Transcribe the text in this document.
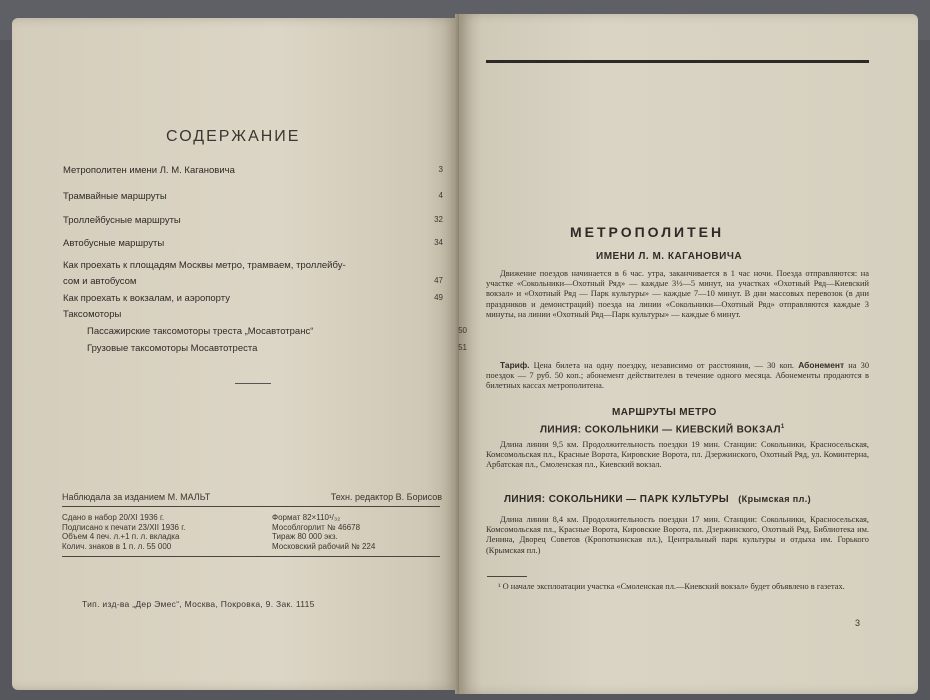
СОДЕРЖАНИЕ
Метрополитен имени Л. М. Кагановича	3
Трамвайные маршруты	4
Троллейбусные маршруты	32
Автобусные маршруты	34
Как проехать к площадям Москвы метро, трамваем, троллейбу-
сом и автобусом	47
Как проехать к вокзалам, и аэропорту	49
Таксомоторы
Пассажирские таксомоторы треста „Мосавтотранс“	50
Грузовые таксомоторы Мосавтотреста	51
Наблюдала за изданием М. МАЛЬТ	Техн. редактор В. Борисов
Сдано в набор 20/XI 1936 г.
Подписано к печати 23/XII 1936 г.
Объем 4 печ. л.+1 п. л. вкладка
Колич. знаков в 1 п. л. 55 000
Формат 82×110¹/₃₂
Мособлгорлит № 46678
Тираж 80 000 экз.
Московский рабочий № 224
Тип. изд-ва „Дер Эмес“, Москва, Покровка, 9. Зак. 1115
МЕТРОПОЛИТЕН
ИМЕНИ Л. М. КАГАНОВИЧА
Движение поездов начинается в 6 час. утра, заканчивается в 1 час ночи. Поезда отправляются: на участке «Сокольники—Охотный Ряд» — каждые 3½—5 минут, на участках «Охотный Ряд—Киевский вокзал» и «Охотный Ряд — Парк культуры» — каждые 7—10 минут. В дни массовых перевозок (в дни праздников и демонстраций) поезда на линии «Сокольники—Охотный Ряд» отправляются каждые 3 минуты, на линии «Охотный Ряд—Парк культуры» — каждые 6 минут.
Тариф. Цена билета на одну поездку, независимо от расстояния, — 30 коп. Абонемент на 30 поездок — 7 руб. 50 коп.; абонемент действителен в течение одного месяца. Абонементы продаются в билетных кассах метрополитена.
МАРШРУТЫ МЕТРО
ЛИНИЯ: СОКОЛЬНИКИ — КИЕВСКИЙ ВОКЗАЛ$^1$
Длина линии 9,5 км. Продолжительность поездки 19 мин. Станции: Сокольники, Красносельская, Комсомольская пл., Красные Ворота, Кировские Ворота, пл. Дзержинского, Охотный Ряд, ул. Коминтерна, Арбатская пл., Смоленская пл., Киевский вокзал.
ЛИНИЯ: СОКОЛЬНИКИ — ПАРК КУЛЬТУРЫ (Крымская пл.)
Длина линии 8,4 км. Продолжительность поездки 17 мин. Станции: Сокольники, Красносельская, Комсомольская пл., Красные Ворота, Кировские Ворота, пл. Дзержинского, Охотный Ряд, Библиотека им. Ленина, Дворец Советов (Кропоткинская пл.), Центральный парк культуры и отдыха им. Горького (Крымская пл.)
¹ О начале эксплоатации участка «Смоленская пл.—Киевский вокзал» будет объявлено в газетах.
3
